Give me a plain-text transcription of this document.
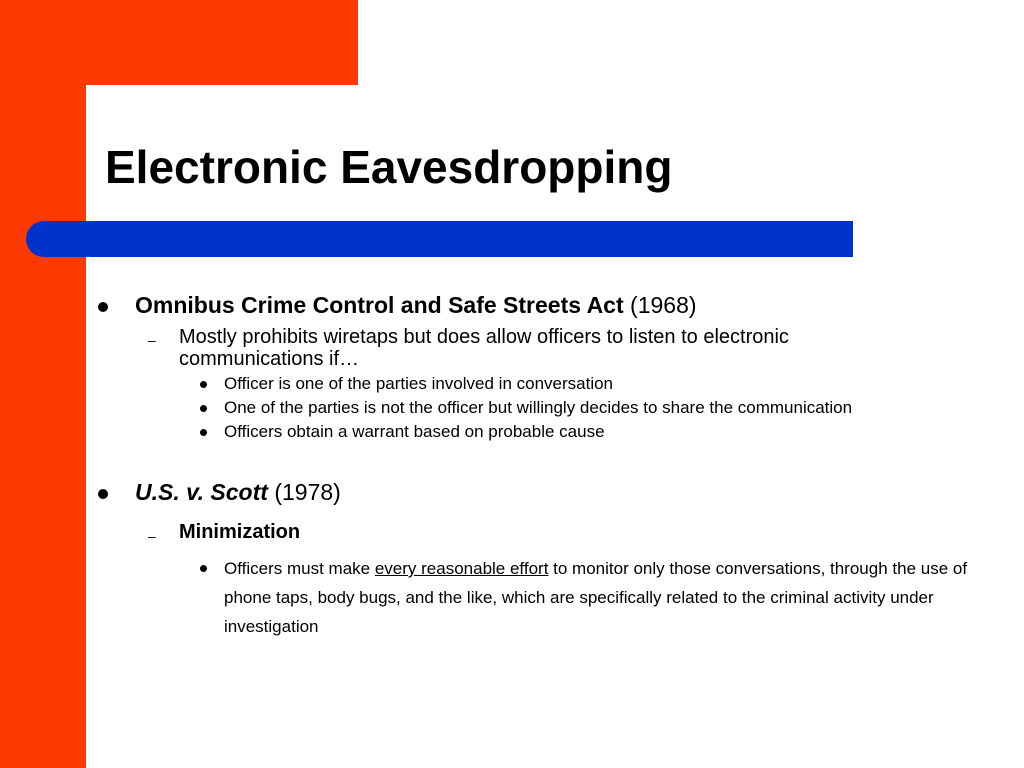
Electronic Eavesdropping
Omnibus Crime Control and Safe Streets Act (1968)
– Mostly prohibits wiretaps but does allow officers to listen to electronic communications if…
Officer is one of the parties involved in conversation
One of the parties is not the officer but willingly decides to share the communication
Officers obtain a warrant based on probable cause
U.S. v. Scott (1978)
– Minimization
Officers must make every reasonable effort to monitor only those conversations, through the use of phone taps, body bugs, and the like, which are specifically related to the criminal activity under investigation
